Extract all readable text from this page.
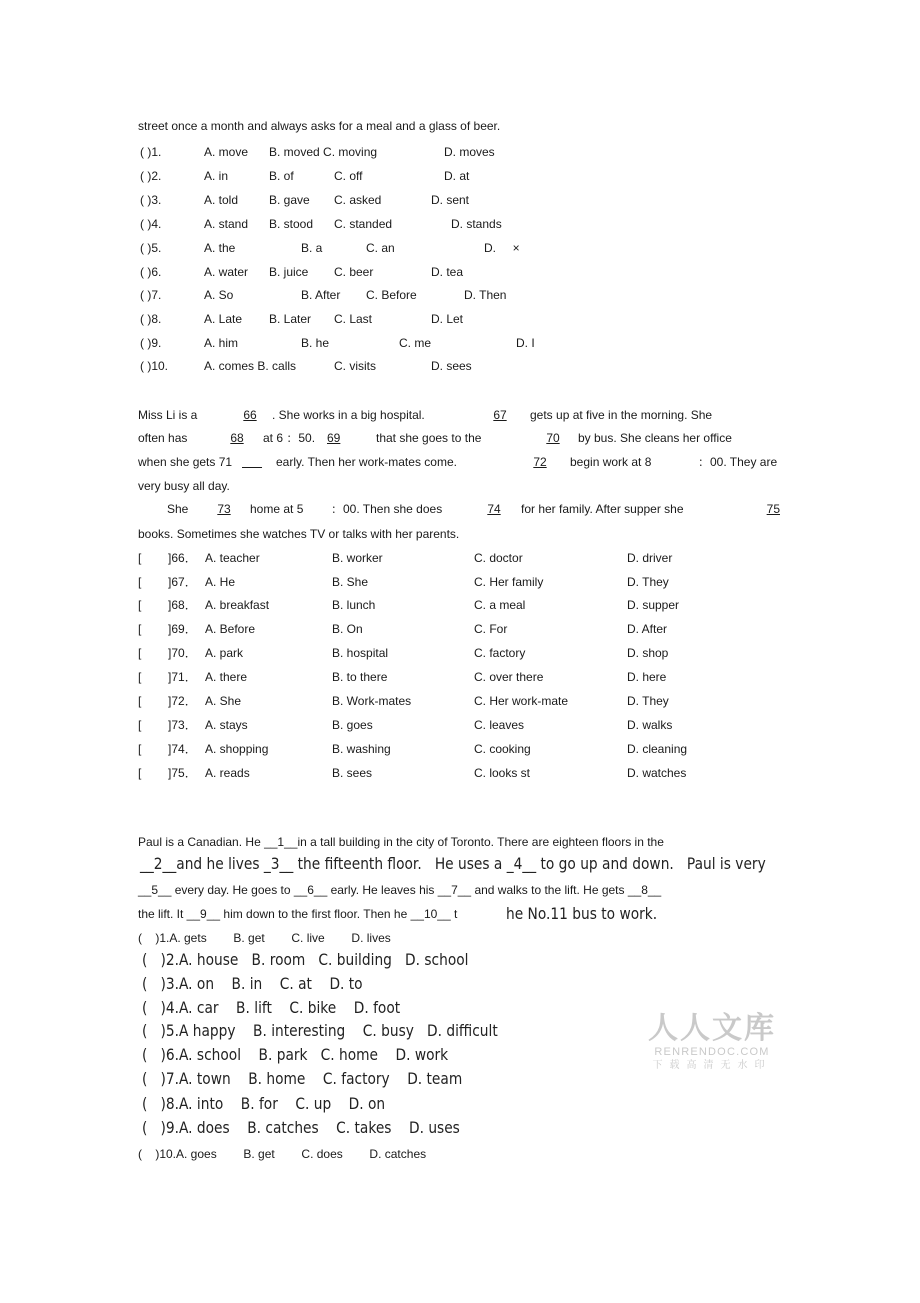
street once a month and always asks for a meal and a glass of beer.
( )1.	A. move B. moved C. moving	D. moves
( )2.	A. in	B. of	C. off	D. at
( )3.	A. told	B. gave C. asked	D. sent
( )4.	A. stand B. stood C. standed	D. stands
( )5.	A. the	B. a	C. an	D.     ×
( )6.	A. water B. juice C. beer	D. tea
( )7.	A. So	B. After C. Before	D. Then
( )8.	A. Late B. Later C. Last	D. Let
( )9.	A. him	B. he	C. me	D. I
( )10.	A. comes B. calls	C. visits	D. sees
Miss Li is a	66	. She works in a big hospital.	67	gets up at five in the morning. She
often has	68	at 6 ：50. 69	that she goes to the	70	by bus. She cleans her office
when she gets 71
	early. Then her work-mates come.	72	begin work at 8	：00. They are
very busy all day.
She	73	home at 5 ：00. Then she does	74	for her family. After supper she	75
books. Sometimes she watches TV or talks with her parents.
[        ]66． A. teacher	B. worker	C. doctor	D. driver
[        ]67． A. He	B. She	C. Her family	D. They
[        ]68． A. breakfast	B. lunch	C. a meal	D. supper
[        ]69． A. Before	B. On	C. For	D. After
[        ]70． A. park	B. hospital	C. factory	D. shop
[        ]71． A. there	B. to there	C. over there	D. here
[        ]72． A. She	B. Work-mates	C. Her work-mate	D. They
[        ]73． A. stays	B. goes	C. leaves	D. walks
[        ]74． A. shopping	B. washing	C. cooking	D. cleaning
[        ]75． A. reads	B. sees	C. looks st	D. watches
Paul is a Canadian. He __1__in a tall building in the city of Toronto. There are eighteen floors in the
__2__and he lives _3__ the fifteenth floor.   He uses a _4__ to go up and down.   Paul is very
__5__ every day. He goes to __6__ early. He leaves his __7__ and walks to the lift. He gets __8__
the lift. It __9__ him down to the first floor. Then he __10__ t	he No.11 bus to work.
(    )1.A. gets        B. get        C. live        D. lives
(   )2.A. house   B. room   C. building   D. school
(   )3.A. on    B. in    C. at    D. to
(   )4.A. car    B. lift    C. bike    D. foot
(   )5.A happy    B. interesting    C. busy   D. difficult
(   )6.A. school    B. park   C. home    D. work
(   )7.A. town    B. home    C. factory    D. team
(   )8.A. into    B. for    C. up    D. on
(   )9.A. does    B. catches    C. takes    D. uses
(    )10.A. goes        B. get        C. does        D. catches
人人文库
RENRENDOC.COM
下载高清无水印
